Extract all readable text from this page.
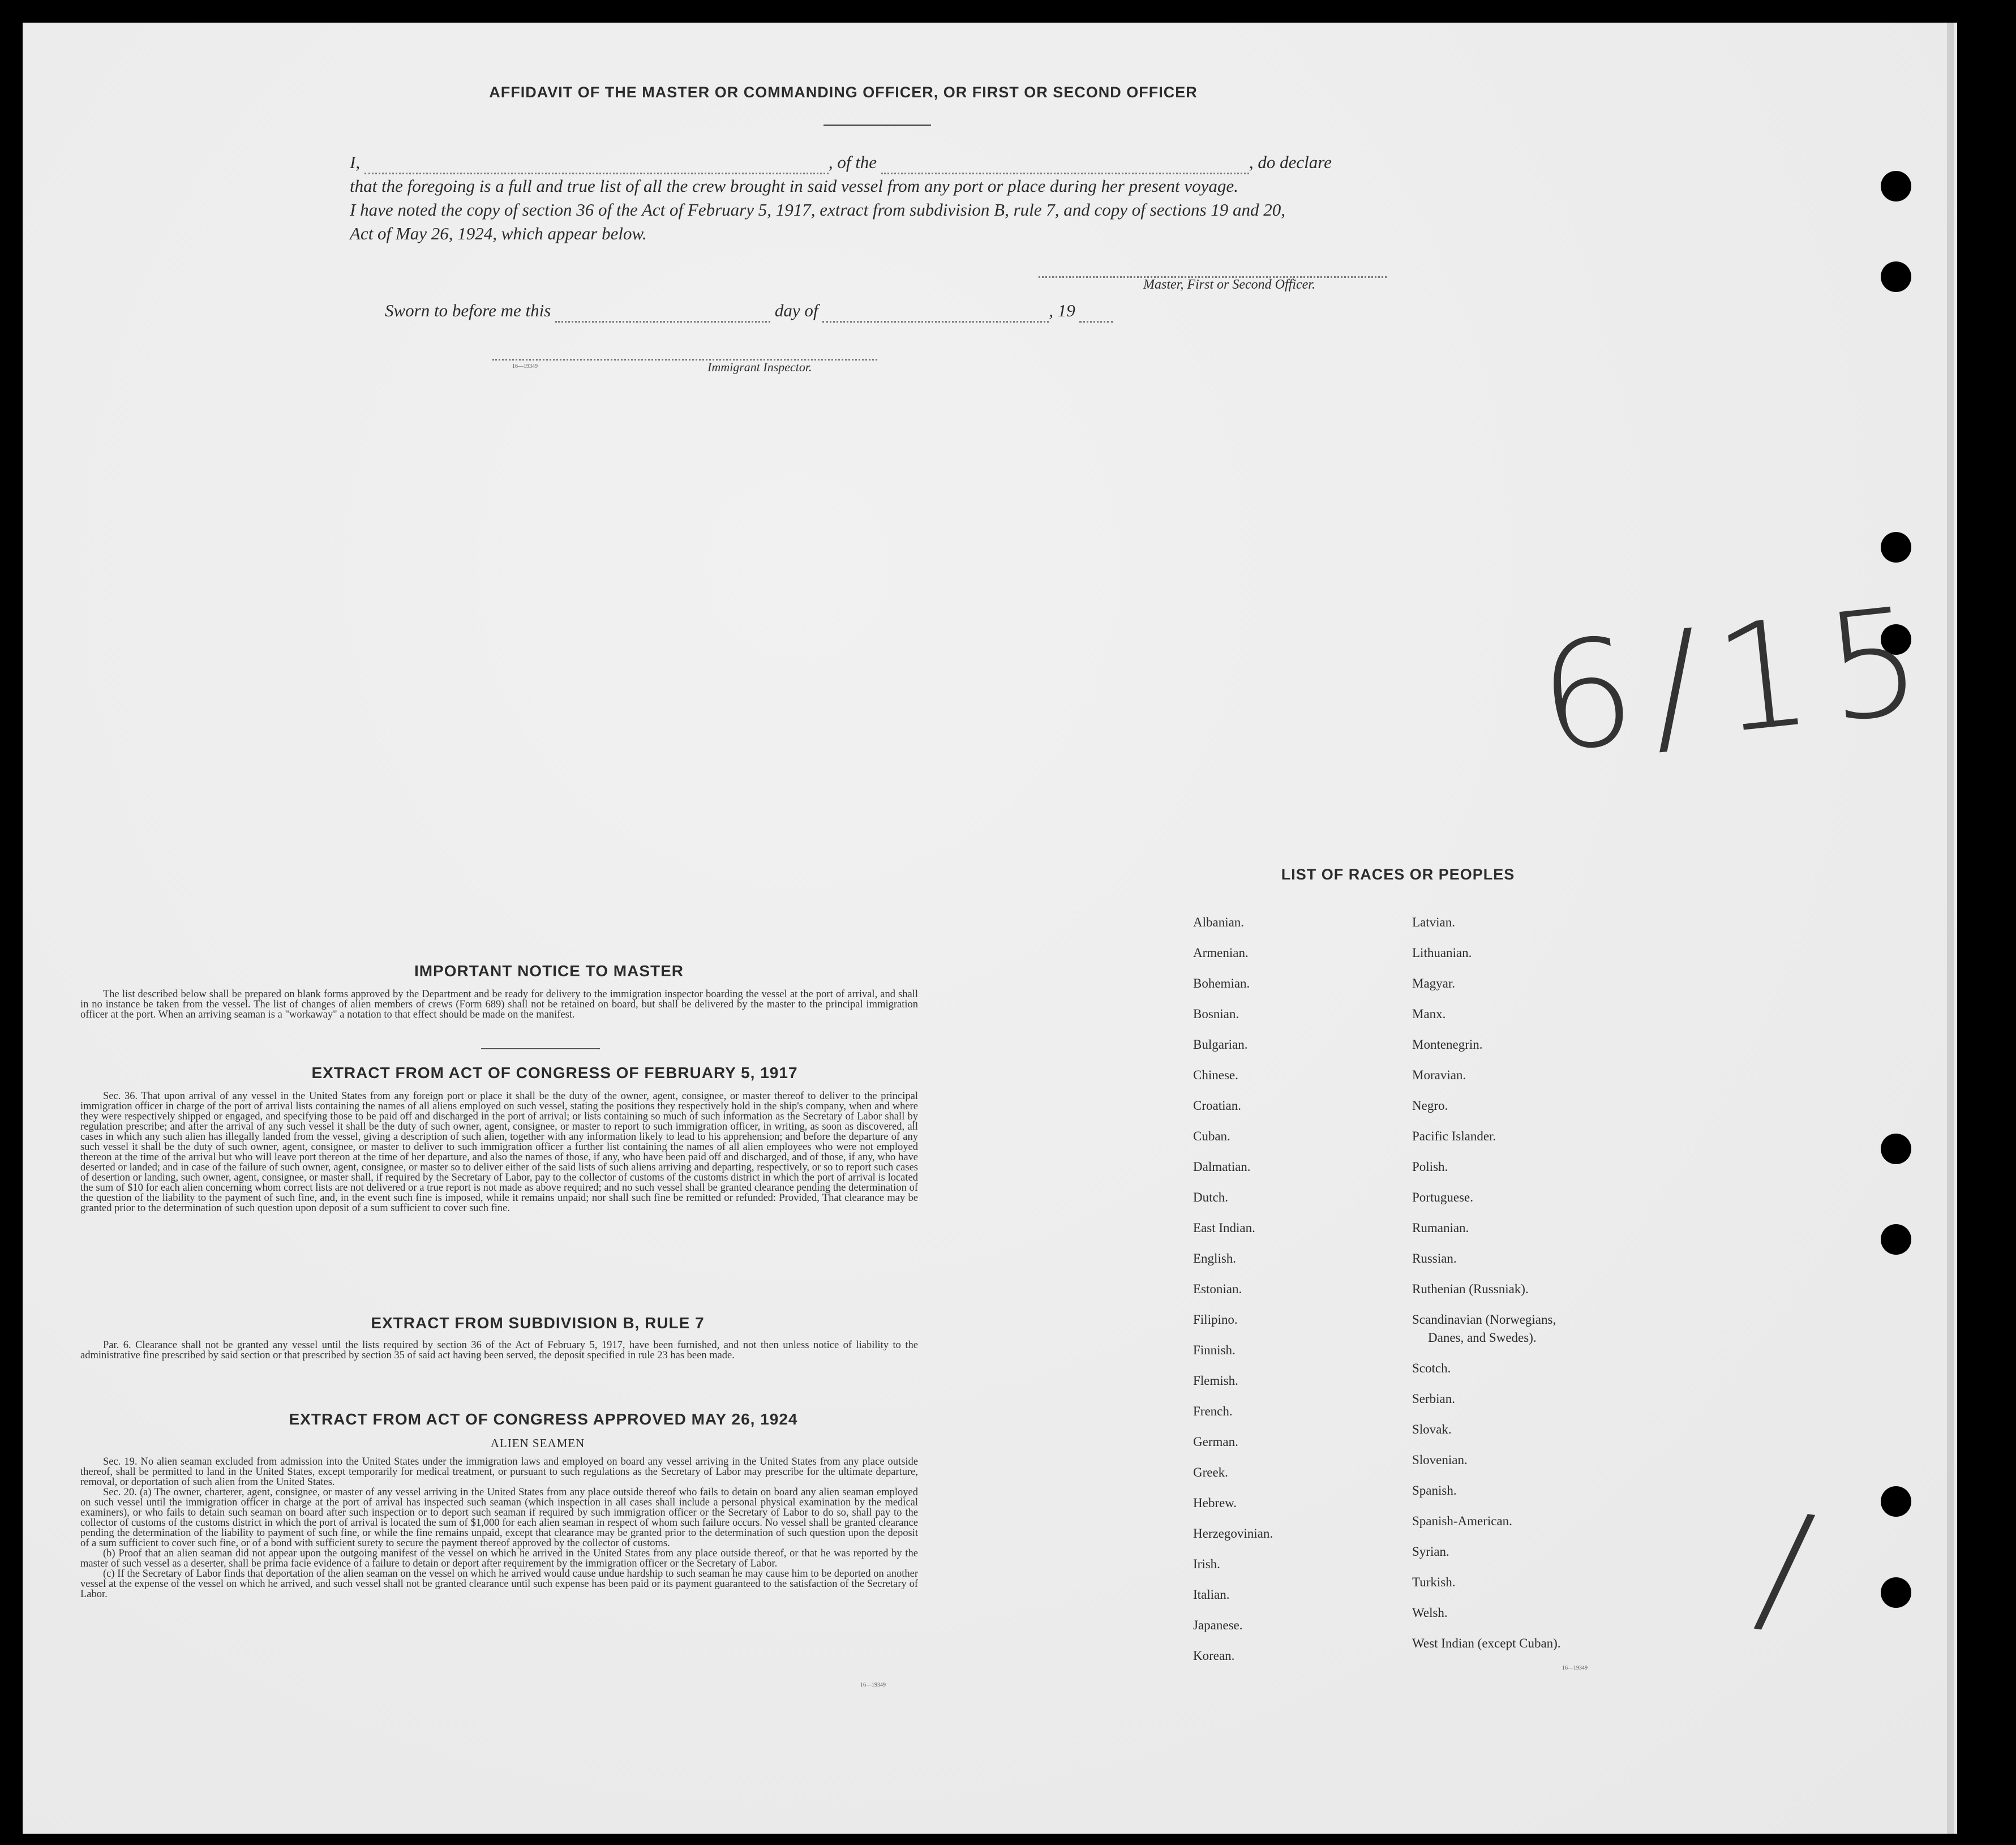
AFFIDAVIT OF THE MASTER OR COMMANDING OFFICER, OR FIRST OR SECOND OFFICER
I,	, of the	, do declare
that the foregoing is a full and true list of all the crew brought in said vessel from any port or place during her present voyage.
I have noted the copy of section 36 of the Act of February 5, 1917, extract from subdivision B, rule 7, and copy of sections 19 and 20,
Act of May 26, 1924, which appear below.
Master, First or Second Officer.
Sworn to before me this	day of	, 19
16—19349	Immigrant Inspector.
6/15
/
IMPORTANT NOTICE TO MASTER

The list described below shall be prepared on blank forms approved by the Department and be ready for delivery to the immigration inspector boarding the vessel at the port of arrival, and shall in no instance be taken from the vessel. The list of changes of alien members of crews (Form 689) shall not be retained on board, but shall be delivered by the master to the principal immigration officer at the port. When an arriving seaman is a "workaway" a notation to that effect should be made on the manifest.

EXTRACT FROM ACT OF CONGRESS OF FEBRUARY 5, 1917

Sec. 36. That upon arrival of any vessel in the United States from any foreign port or place it shall be the duty of the owner, agent, consignee, or master thereof to deliver to the principal immigration officer in charge of the port of arrival lists containing the names of all aliens employed on such vessel, stating the positions they respectively hold in the ship's company, when and where they were respectively shipped or engaged, and specifying those to be paid off and discharged in the port of arrival; or lists containing so much of such information as the Secretary of Labor shall by regulation prescribe; and after the arrival of any such vessel it shall be the duty of such owner, agent, consignee, or master to report to such immigration officer, in writing, as soon as discovered, all cases in which any such alien has illegally landed from the vessel, giving a description of such alien, together with any information likely to lead to his apprehension; and before the departure of any such vessel it shall be the duty of such owner, agent, consignee, or master to deliver to such immigration officer a further list containing the names of all alien employees who were not employed thereon at the time of the arrival but who will leave port thereon at the time of her departure, and also the names of those, if any, who have been paid off and discharged, and of those, if any, who have deserted or landed; and in case of the failure of such owner, agent, consignee, or master so to deliver either of the said lists of such aliens arriving and departing, respectively, or so to report such cases of desertion or landing, such owner, agent, consignee, or master shall, if required by the Secretary of Labor, pay to the collector of customs of the customs district in which the port of arrival is located the sum of $10 for each alien concerning whom correct lists are not delivered or a true report is not made as above required; and no such vessel shall be granted clearance pending the determination of the question of the liability to the payment of such fine, and, in the event such fine is imposed, while it remains unpaid; nor shall such fine be remitted or refunded: Provided, That clearance may be granted prior to the determination of such question upon deposit of a sum sufficient to cover such fine.

EXTRACT FROM SUBDIVISION B, RULE 7

Par. 6. Clearance shall not be granted any vessel until the lists required by section 36 of the Act of February 5, 1917, have been furnished, and not then unless notice of liability to the administrative fine prescribed by said section or that prescribed by section 35 of said act having been served, the deposit specified in rule 23 has been made.

EXTRACT FROM ACT OF CONGRESS APPROVED MAY 26, 1924
ALIEN SEAMEN

Sec. 19. No alien seaman excluded from admission into the United States under the immigration laws and employed on board any vessel arriving in the United States from any place outside thereof, shall be permitted to land in the United States, except temporarily for medical treatment, or pursuant to such regulations as the Secretary of Labor may prescribe for the ultimate departure, removal, or deportation of such alien from the United States.

Sec. 20. (a) The owner, charterer, agent, consignee, or master of any vessel arriving in the United States from any place outside thereof who fails to detain on board any alien seaman employed on such vessel until the immigration officer in charge at the port of arrival has inspected such seaman (which inspection in all cases shall include a personal physical examination by the medical examiners), or who fails to detain such seaman on board after such inspection or to deport such seaman if required by such immigration officer or the Secretary of Labor to do so, shall pay to the collector of customs of the customs district in which the port of arrival is located the sum of $1,000 for each alien seaman in respect of whom such failure occurs. No vessel shall be granted clearance pending the determination of the liability to payment of such fine, or while the fine remains unpaid, except that clearance may be granted prior to the determination of such question upon the deposit of a sum sufficient to cover such fine, or of a bond with sufficient surety to secure the payment thereof approved by the collector of customs.

(b) Proof that an alien seaman did not appear upon the outgoing manifest of the vessel on which he arrived in the United States from any place outside thereof, or that he was reported by the master of such vessel as a deserter, shall be prima facie evidence of a failure to detain or deport after requirement by the immigration officer or the Secretary of Labor.

(c) If the Secretary of Labor finds that deportation of the alien seaman on the vessel on which he arrived would cause undue hardship to such seaman he may cause him to be deported on another vessel at the expense of the vessel on which he arrived, and such vessel shall not be granted clearance until such expense has been paid or its payment guaranteed to the satisfaction of the Secretary of Labor.

16—19349
LIST OF RACES OR PEOPLES
Albanian.
Armenian.
Bohemian.
Bosnian.
Bulgarian.
Chinese.
Croatian.
Cuban.
Dalmatian.
Dutch.
East Indian.
English.
Estonian.
Filipino.
Finnish.
Flemish.
French.
German.
Greek.
Hebrew.
Herzegovinian.
Irish.
Italian.
Japanese.
Korean.
Latvian.
Lithuanian.
Magyar.
Manx.
Montenegrin.
Moravian.
Negro.
Pacific Islander.
Polish.
Portuguese.
Rumanian.
Russian.
Ruthenian (Russniak).
Scandinavian (Norwegians,
Danes, and Swedes).
Scotch.
Serbian.
Slovak.
Slovenian.
Spanish.
Spanish-American.
Syrian.
Turkish.
Welsh.
West Indian (except Cuban).
16—19349
